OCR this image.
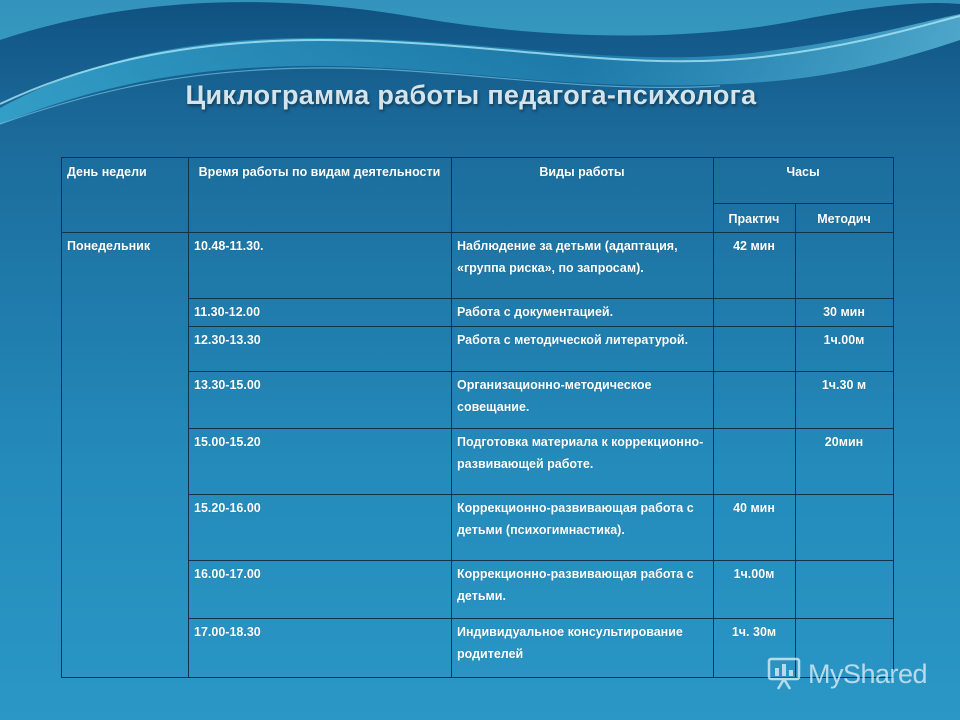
Циклограмма работы педагога-психолога
День недели	Время работы по видам деятельности	Виды работы	Часы	
			Практич	Методич
Понедельник	10.48-11.30.	Наблюдение за детьми (адаптация, «группа риска», по запросам).	42 мин	
	11.30-12.00	Работа с документацией.		30 мин
	12.30-13.30	Работа с методической литературой.		1ч.00м
	13.30-15.00	Организационно-методическое совещание.		1ч.30 м
	15.00-15.20	Подготовка материала к коррекционно-развивающей работе.		20мин
	15.20-16.00	Коррекционно-развивающая работа с детьми (психогимнастика).	40 мин	
	16.00-17.00	Коррекционно-развивающая работа с детьми.	1ч.00м	
	17.00-18.30	Индивидуальное консультирование родителей	1ч. 30м	
MyShared
